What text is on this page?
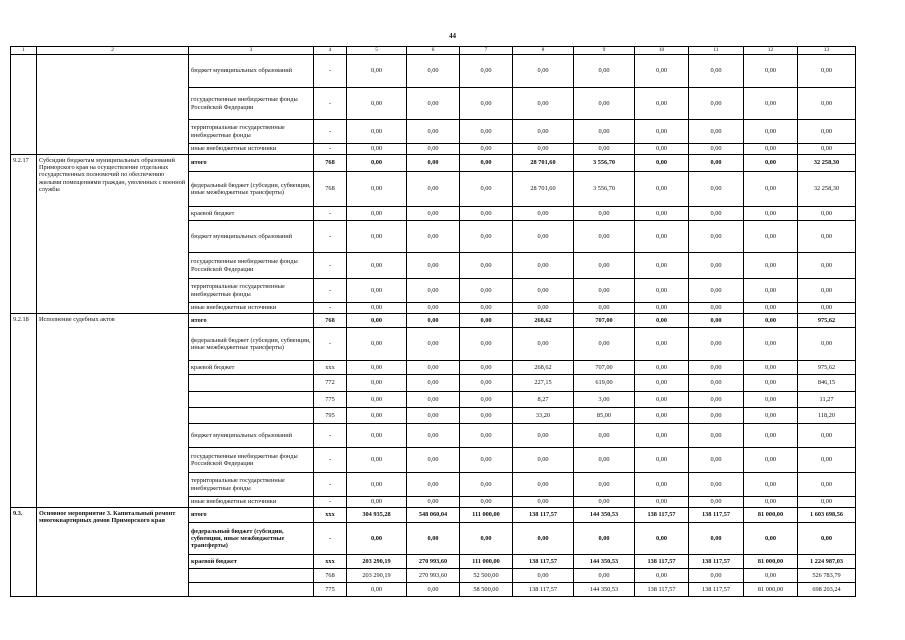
44
1	2	3	4	5	6	7	8	9	10	11	12	13
		бюджет муниципальных образований	-	0,00	0,00	0,00	0,00	0,00	0,00	0,00	0,00	0,00
		государственные внебюджетные фонды Российской Федерации	-	0,00	0,00	0,00	0,00	0,00	0,00	0,00	0,00	0,00
		территориальные государственные внебюджетные фонды	-	0,00	0,00	0,00	0,00	0,00	0,00	0,00	0,00	0,00
		иные внебюджетные источники	-	0,00	0,00	0,00	0,00	0,00	0,00	0,00	0,00	0,00
9.2.17	Субсидии бюджетам муниципальных образований Приморского края на осуществление отдельных государственных полномочий по обеспечению жилыми помещениями граждан, уволенных с военной службы	итого	768	0,00	0,00	0,00	28 701,60	3 556,70	0,00	0,00	0,00	32 258,30
		федеральный бюджет (субсидии, субвенции, иные межбюджетные трансферты)	768	0,00	0,00	0,00	28 701,60	3 556,70	0,00	0,00	0,00	32 258,30
		краевой бюджет	-	0,00	0,00	0,00	0,00	0,00	0,00	0,00	0,00	0,00
		бюджет муниципальных образований	-	0,00	0,00	0,00	0,00	0,00	0,00	0,00	0,00	0,00
		государственные внебюджетные фонды Российской Федерации	-	0,00	0,00	0,00	0,00	0,00	0,00	0,00	0,00	0,00
		территориальные государственные внебюджетные фонды	-	0,00	0,00	0,00	0,00	0,00	0,00	0,00	0,00	0,00
		иные внебюджетные источники	-	0,00	0,00	0,00	0,00	0,00	0,00	0,00	0,00	0,00
9.2.18	Исполнение судебных актов	итого	768	0,00	0,00	0,00	268,62	707,00	0,00	0,00	0,00	975,62
		федеральный бюджет (субсидии, субвенции, иные межбюджетные трансферты)	-	0,00	0,00	0,00	0,00	0,00	0,00	0,00	0,00	0,00
		краевой бюджет	xxx	0,00	0,00	0,00	268,62	707,00	0,00	0,00	0,00	975,62
			772	0,00	0,00	0,00	227,15	619,00	0,00	0,00	0,00	846,15
			775	0,00	0,00	0,00	8,27	3,00	0,00	0,00	0,00	11,27
			795	0,00	0,00	0,00	33,20	85,00	0,00	0,00	0,00	118,20
		бюджет муниципальных образований	-	0,00	0,00	0,00	0,00	0,00	0,00	0,00	0,00	0,00
		государственные внебюджетные фонды Российской Федерации	-	0,00	0,00	0,00	0,00	0,00	0,00	0,00	0,00	0,00
		территориальные государственные внебюджетные фонды	-	0,00	0,00	0,00	0,00	0,00	0,00	0,00	0,00	0,00
		иные внебюджетные источники	-	0,00	0,00	0,00	0,00	0,00	0,00	0,00	0,00	0,00
9.3.	Основное мероприятие 3. Капитальный ремонт многоквартирных домов Приморского края	итого	xxx	304 935,28	548 060,04	111 000,00	138 117,57	144 350,53	138 117,57	138 117,57	81 000,00	1 603 698,56
		федеральный бюджет (субсидии, субвенции, иные межбюджетные трансферты)	-	0,00	0,00	0,00	0,00	0,00	0,00	0,00	0,00	0,00
		краевой бюджет	xxx	203 290,19	270 993,60	111 000,00	138 117,57	144 350,53	138 117,57	138 117,57	81 000,00	1 224 987,03
			768	203 290,19	270 993,60	52 500,00	0,00	0,00	0,00	0,00	0,00	526 783,79
			775	0,00	0,00	58 500,00	138 117,57	144 350,53	138 117,57	138 117,57	81 000,00	698 203,24
